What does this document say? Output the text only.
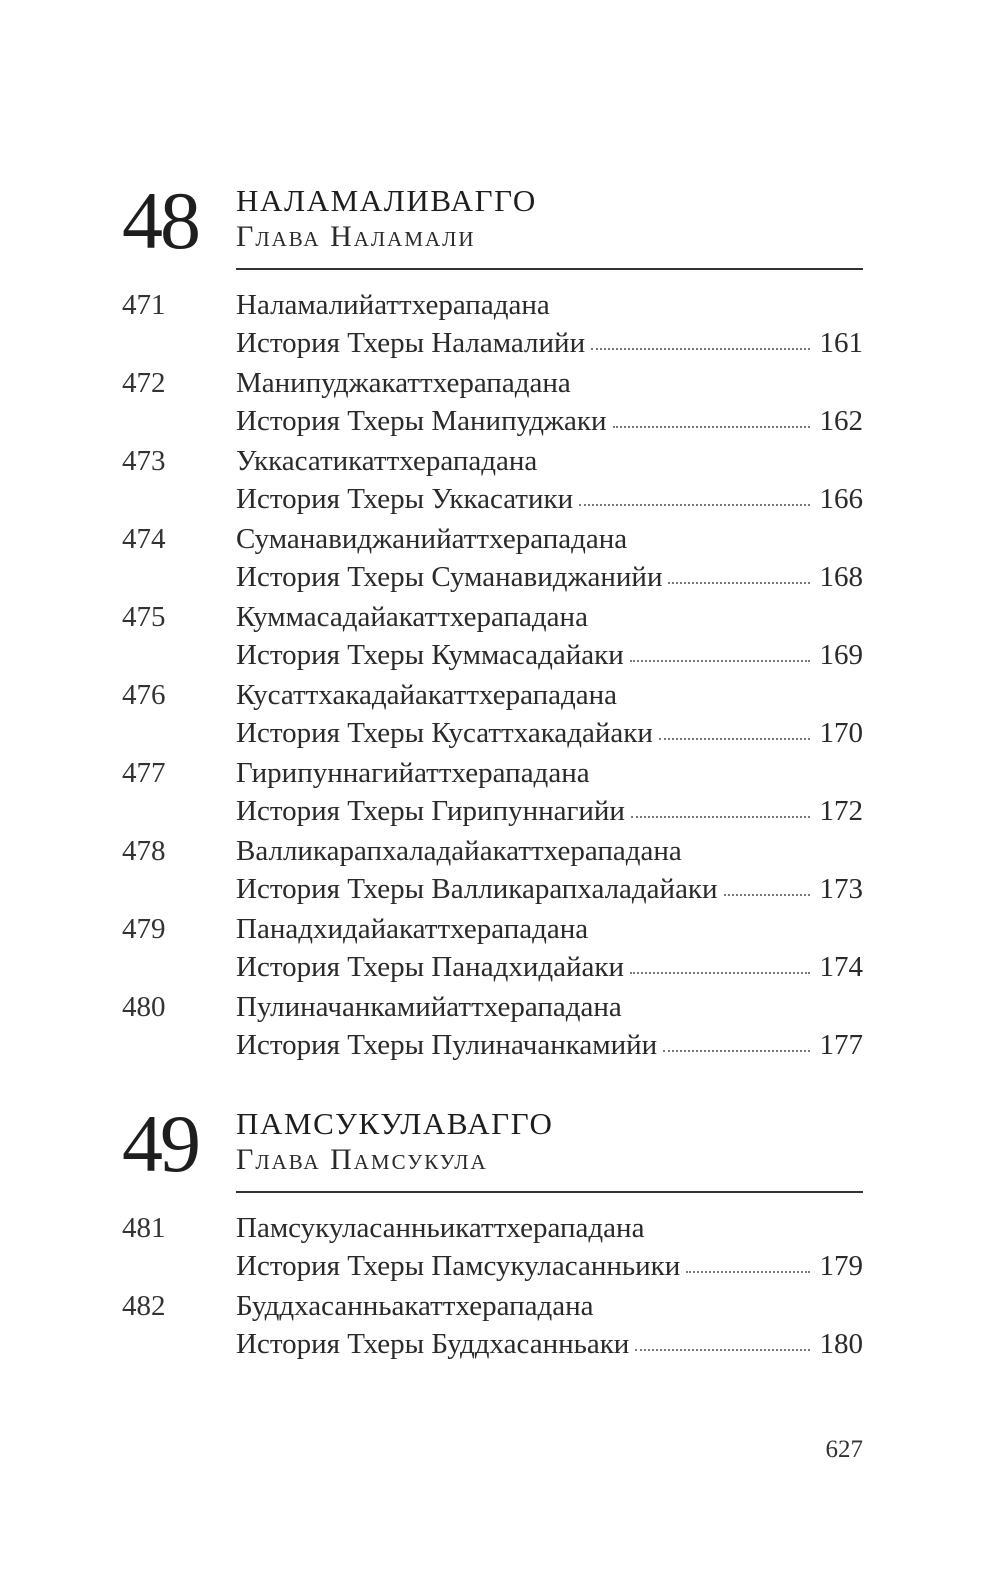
48 НАЛАМАЛИВАГГО
Глава Наламали
471 Наламалийаттхерападана
История Тхеры Наламалийи	161
472 Манипуджакаттхерападана
История Тхеры Манипуджаки	162
473 Уккасатикаттхерападана
История Тхеры Уккасатики	166
474 Суманавиджанийаттхерападана
История Тхеры Суманавиджанийи	168
475 Куммасадайакаттхерападана
История Тхеры Куммасадайаки	169
476 Кусаттхакадайакаттхерападана
История Тхеры Кусаттхакадайаки	170
477 Гирипуннагийаттхерападана
История Тхеры Гирипуннагийи	172
478 Валликарапхаладайакаттхерападана
История Тхеры Валликарапхаладайаки	173
479 Панадхидайакаттхерападана
История Тхеры Панадхидайаки	174
480 Пулиначанкамийаттхерападана
История Тхеры Пулиначанкамийи	177
49 ПАМСУКУЛАВАГГО
Глава Памсукула
481 Памсукуласанньикаттхерападана
История Тхеры Памсукуласанньики	179
482 Буддхасанньакаттхерападана
История Тхеры Буддхасанньаки	180
627
